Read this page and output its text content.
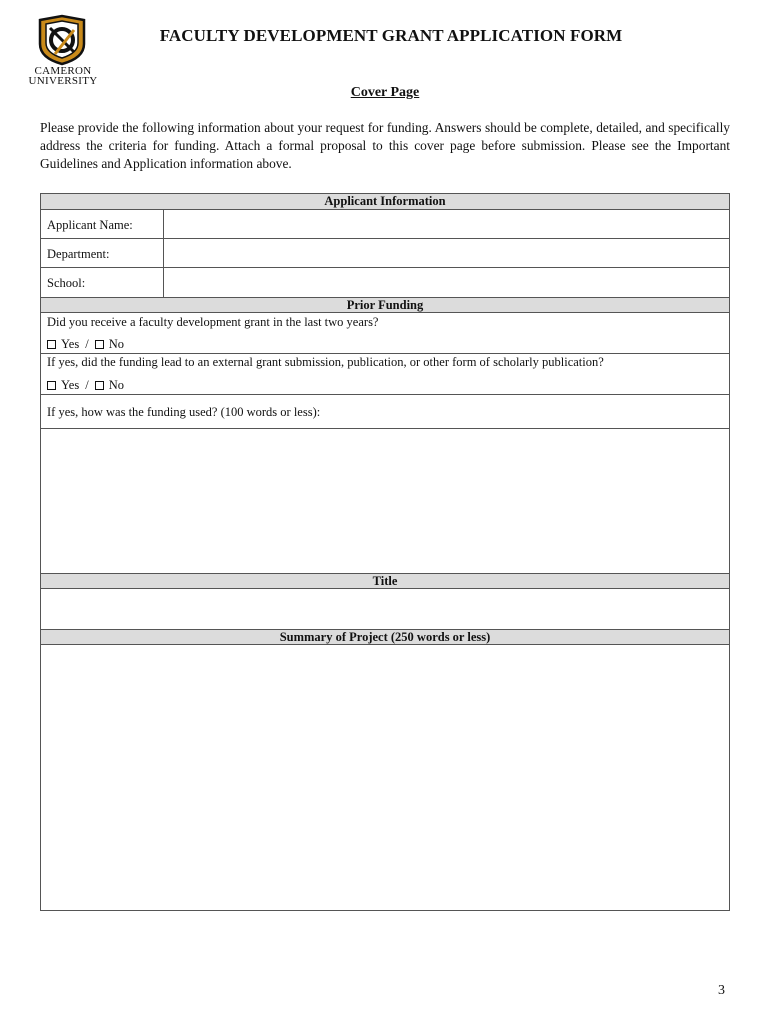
CAMERON
UNIVERSITY
FACULTY DEVELOPMENT GRANT APPLICATION FORM
Cover Page
Please provide the following information about your request for funding. Answers should be complete, detailed, and specifically address the criteria for funding. Attach a formal proposal to this cover page before submission. Please see the Important Guidelines and Application information above.
Applicant Information
Applicant Name:
Department:
School:
Prior Funding
Did you receive a faculty development grant in the last two years?
Yes / No
If yes, did the funding lead to an external grant submission, publication, or other form of scholarly publication?
Yes / No
If yes, how was the funding used? (100 words or less):
Title
Summary of Project (250 words or less)
3
